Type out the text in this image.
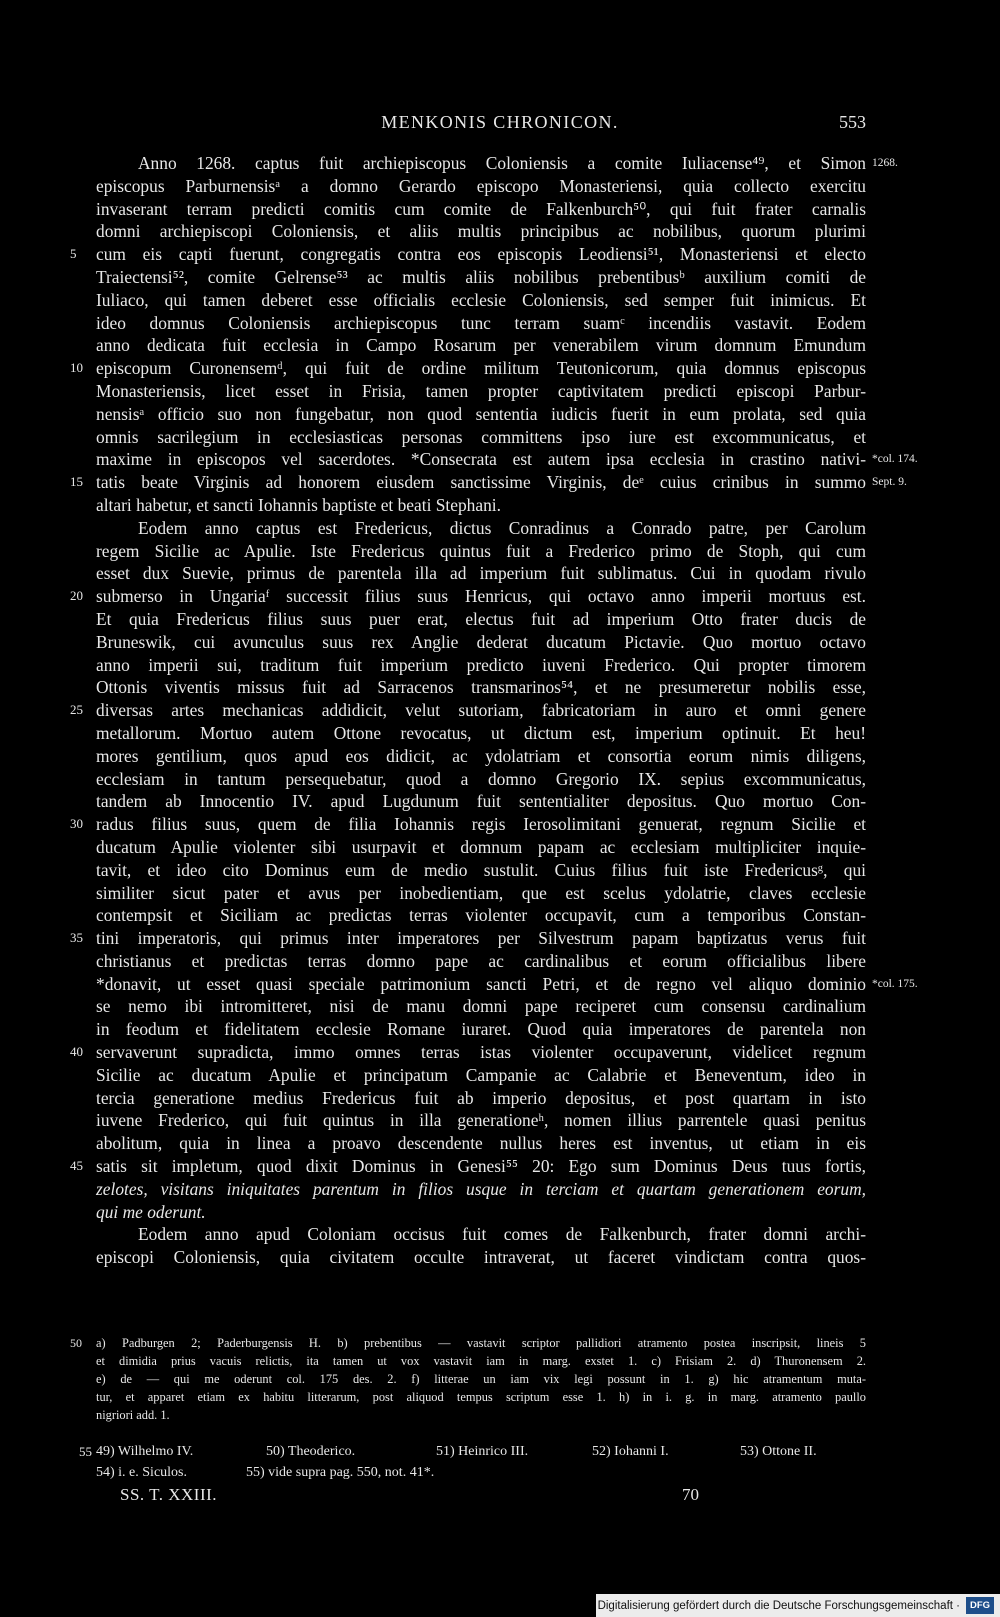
MENKONIS CHRONICON.	553
Anno 1268. captus fuit archiepiscopus Coloniensis a comite Iuliacense⁴⁹, et Simon 1268.
episcopus Parburnensisᵃ a domno Gerardo episcopo Monasteriensi, quia collecto exercitu
invaserant terram predicti comitis cum comite de Falkenburch⁵⁰, qui fuit frater carnalis
domni archiepiscopi Coloniensis, et aliis multis principibus ac nobilibus, quorum plurimi
cum eis capti fuerunt, congregatis contra eos episcopis Leodiensi⁵¹, Monasteriensi et electo
5
Traiectensi⁵², comite Gelrense⁵³ ac multis aliis nobilibus prebentibusᵇ auxilium comiti de
Iuliaco, qui tamen deberet esse officialis ecclesie Coloniensis, sed semper fuit inimicus. Et
ideo domnus Coloniensis archiepiscopus tunc terram suamᶜ incendiis vastavit. Eodem
anno dedicata fuit ecclesia in Campo Rosarum per venerabilem virum domnum Emundum
episcopum Curonensemᵈ, qui fuit de ordine militum Teutonicorum, quia domnus episcopus
10
Monasteriensis, licet esset in Frisia, tamen propter captivitatem predicti episcopi Parbur-
nensisᵃ officio suo non fungebatur, non quod sententia iudicis fuerit in eum prolata, sed quia
omnis sacrilegium in ecclesiasticas personas committens ipso iure est excommunicatus, et
maxime in episcopos vel sacerdotes. *Consecrata est autem ipsa ecclesia in crastino nativi- *col. 174.
tatis beate Virginis ad honorem eiusdem sanctissime Virginis, deᵉ cuius crinibus in summo
15	Sept. 9.
altari habetur, et sancti Iohannis baptiste et beati Stephani.
Eodem anno captus est Fredericus, dictus Conradinus a Conrado patre, per Carolum
regem Sicilie ac Apulie. Iste Fredericus quintus fuit a Frederico primo de Stoph, qui cum
esset dux Suevie, primus de parentela illa ad imperium fuit sublimatus. Cui in quodam rivulo
submerso in Ungariaᶠ successit filius suus Henricus, qui octavo anno imperii mortuus est.
20
Et quia Fredericus filius suus puer erat, electus fuit ad imperium Otto frater ducis de
Bruneswik, cui avunculus suus rex Anglie dederat ducatum Pictavie. Quo mortuo octavo
anno imperii sui, traditum fuit imperium predicto iuveni Frederico. Qui propter timorem
Ottonis viventis missus fuit ad Sarracenos transmarinos⁵⁴, et ne presumeretur nobilis esse,
diversas artes mechanicas addidicit, velut sutoriam, fabricatoriam in auro et omni genere
25
metallorum. Mortuo autem Ottone revocatus, ut dictum est, imperium optinuit. Et heu!
mores gentilium, quos apud eos didicit, ac ydolatriam et consortia eorum nimis diligens,
ecclesiam in tantum persequebatur, quod a domno Gregorio IX. sepius excommunicatus,
tandem ab Innocentio IV. apud Lugdunum fuit sententialiter depositus. Quo mortuo Con-
radus filius suus, quem de filia Iohannis regis Ierosolimitani genuerat, regnum Sicilie et
30
ducatum Apulie violenter sibi usurpavit et domnum papam ac ecclesiam multipliciter inquie-
tavit, et ideo cito Dominus eum de medio sustulit. Cuius filius fuit iste Fredericusᵍ, qui
similiter sicut pater et avus per inobedientiam, que est scelus ydolatrie, claves ecclesie
contempsit et Siciliam ac predictas terras violenter occupavit, cum a temporibus Constan-
tini imperatoris, qui primus inter imperatores per Silvestrum papam baptizatus verus fuit
35
christianus et predictas terras domno pape ac cardinalibus et eorum officialibus libere
*donavit, ut esset quasi speciale patrimonium sancti Petri, et de regno vel aliquo dominio *col. 175.
se nemo ibi intromitteret, nisi de manu domni pape reciperet cum consensu cardinalium
in feodum et fidelitatem ecclesie Romane iuraret. Quod quia imperatores de parentela non
servaverunt supradicta, immo omnes terras istas violenter occupaverunt, videlicet regnum
40
Sicilie ac ducatum Apulie et principatum Campanie ac Calabrie et Beneventum, ideo in
tercia generatione medius Fredericus fuit ab imperio depositus, et post quartam in isto
iuvene Frederico, qui fuit quintus in illa generationeʰ, nomen illius parrentele quasi penitus
abolitum, quia in linea a proavo descendente nullus heres est inventus, ut etiam in eis
satis sit impletum, quod dixit Dominus in Genesi⁵⁵ 20: Ego sum Dominus Deus tuus fortis,
45
zelotes, visitans iniquitates parentum in filios usque in terciam et quartam generationem eorum,
qui me oderunt.
Eodem anno apud Coloniam occisus fuit comes de Falkenburch, frater domni archi-
episcopi Coloniensis, quia civitatem occulte intraverat, ut faceret vindictam contra quos-
a) Padburgen 2; Paderburgensis H. b) prebentibus — vastavit scriptor pallidiori atramento postea inscripsit, lineis 5
50
et dimidia prius vacuis relictis, ita tamen ut vox vastavit iam in marg. exstet 1. c) Frisiam 2. d) Thuronensem 2.
e) de — qui me oderunt col. 175 des. 2. f) litterae un iam vix legi possunt in 1. g) hic atramentum muta-
tur, et apparet etiam ex habitu litterarum, post aliquod tempus scriptum esse 1. h) in i. g. in marg. atramento paullo
nigriori add. 1.
55 49) Wilhelmo IV.	50) Theoderico.	51) Heinrico III.	52) Iohanni I.	53) Ottone II.
54) i. e. Siculos.	55) vide supra pag. 550, not. 41*.
SS. T. XXIII.	70
Digitalisierung gefördert durch die Deutsche Forschungsgemeinschaft ·	DFG
